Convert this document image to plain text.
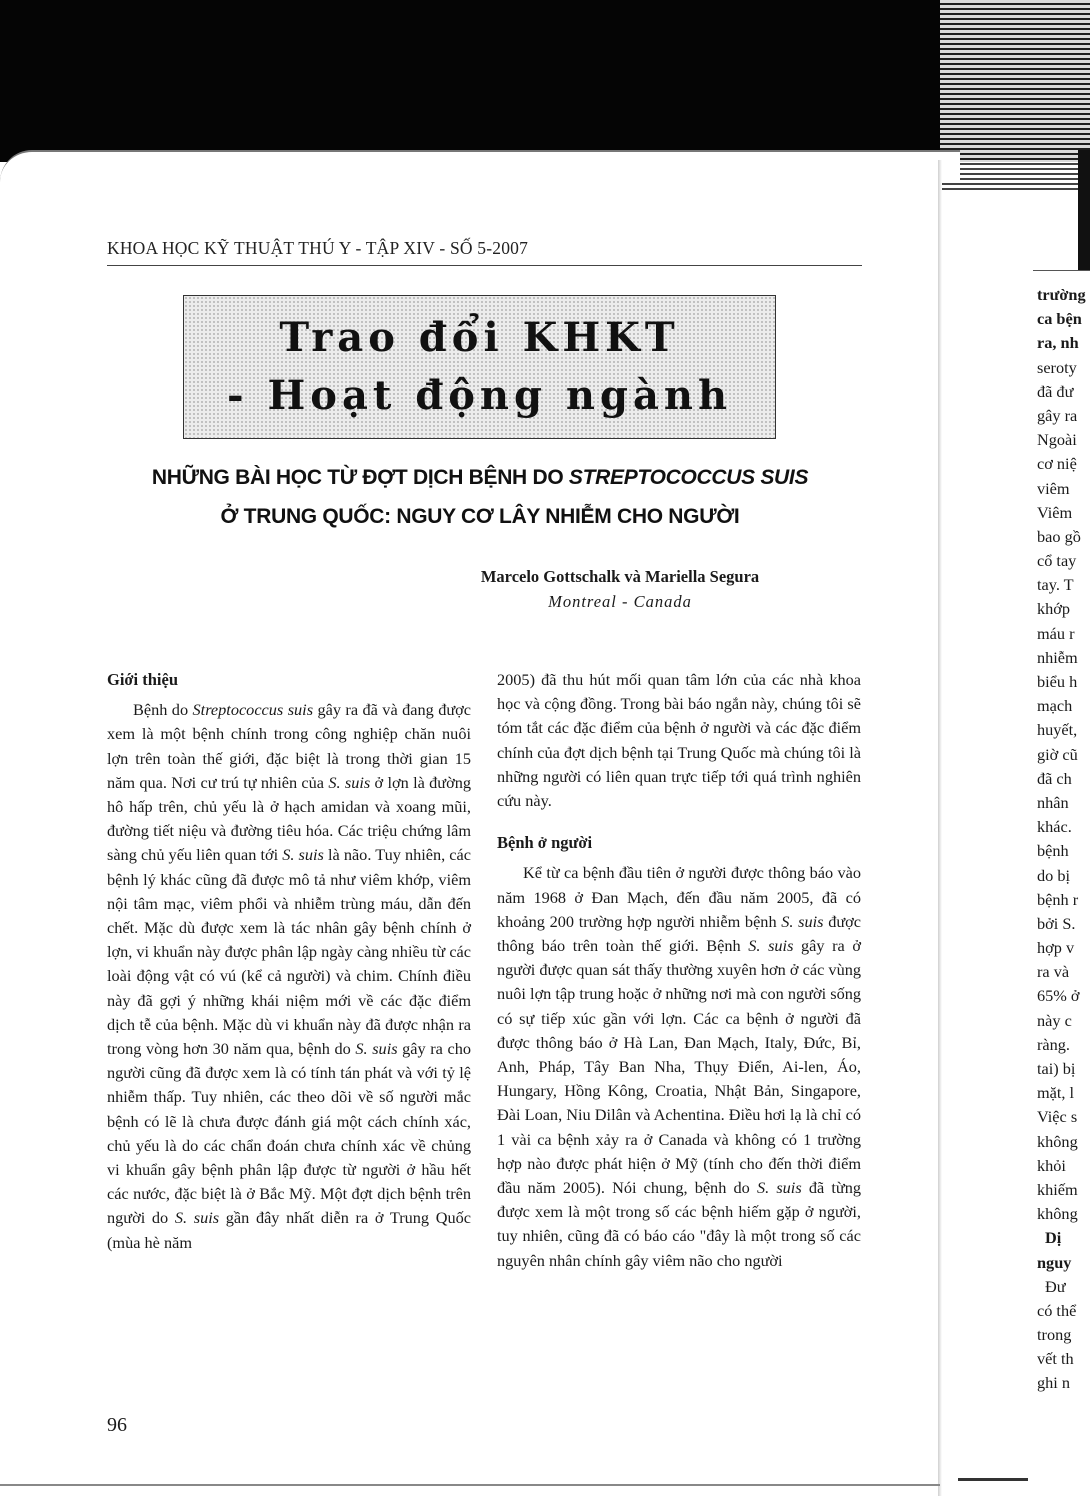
KHOA HỌC KỸ THUẬT THÚ Y - TẬP XIV - SỐ 5-2007
Trao đổi KHKT
- Hoạt động ngành
NHỮNG BÀI HỌC TỪ ĐỢT DỊCH BỆNH DO STREPTOCOCCUS SUIS
Ở TRUNG QUỐC: NGUY CƠ LÂY NHIỄM CHO NGƯỜI
Marcelo Gottschalk và Mariella Segura
Montreal - Canada

Giới thiệu

Bệnh do Streptococcus suis gây ra đã và đang được xem là một bệnh chính trong công nghiệp chăn nuôi lợn trên toàn thế giới, đặc biệt là trong thời gian 15 năm qua. Nơi cư trú tự nhiên của S. suis ở lợn là đường hô hấp trên, chủ yếu là ở hạch amidan và xoang mũi, đường tiết niệu và đường tiêu hóa. Các triệu chứng lâm sàng chủ yếu liên quan tới S. suis là não. Tuy nhiên, các bệnh lý khác cũng đã được mô tả như viêm khớp, viêm nội tâm mạc, viêm phổi và nhiễm trùng máu, dẫn đến chết. Mặc dù được xem là tác nhân gây bệnh chính ở lợn, vi khuẩn này được phân lập ngày càng nhiều từ các loài động vật có vú (kể cả người) và chim. Chính điều này đã gợi ý những khái niệm mới về các đặc điểm dịch tễ của bệnh. Mặc dù vi khuẩn này đã được nhận ra trong vòng hơn 30 năm qua, bệnh do S. suis gây ra cho người cũng đã được xem là có tính tán phát và với tỷ lệ nhiễm thấp. Tuy nhiên, các theo dõi về số người mắc bệnh có lẽ là chưa được đánh giá một cách chính xác, chủ yếu là do các chẩn đoán chưa chính xác về chủng vi khuẩn gây bệnh phân lập được từ người ở hầu hết các nước, đặc biệt là ở Bắc Mỹ. Một đợt dịch bệnh trên người do S. suis gần đây nhất diễn ra ở Trung Quốc (mùa hè năm

2005) đã thu hút mối quan tâm lớn của các nhà khoa học và cộng đồng. Trong bài báo ngắn này, chúng tôi sẽ tóm tắt các đặc điểm của bệnh ở người và các đặc điểm chính của đợt dịch bệnh tại Trung Quốc mà chúng tôi là những người có liên quan trực tiếp tới quá trình nghiên cứu này.

Bệnh ở người

Kể từ ca bệnh đầu tiên ở người được thông báo vào năm 1968 ở Đan Mạch, đến đầu năm 2005, đã có khoảng 200 trường hợp người nhiễm bệnh S. suis được thông báo trên toàn thế giới. Bệnh S. suis gây ra ở người được quan sát thấy thường xuyên hơn ở các vùng nuôi lợn tập trung hoặc ở những nơi mà con người sống có sự tiếp xúc gần với lợn. Các ca bệnh ở người đã được thông báo ở Hà Lan, Đan Mạch, Italy, Đức, Bỉ, Anh, Pháp, Tây Ban Nha, Thụy Điển, Ai-len, Áo, Hungary, Hồng Kông, Croatia, Nhật Bản, Singapore, Đài Loan, Niu Dilân và Achentina. Điều hơi lạ là chỉ có 1 vài ca bệnh xảy ra ở Canada và không có 1 trường hợp nào được phát hiện ở Mỹ (tính cho đến thời điểm đầu năm 2005). Nói chung, bệnh do S. suis đã từng được xem là một trong số các bệnh hiếm gặp ở người, tuy nhiên, cũng đã có báo cáo "đây là một trong số các nguyên nhân chính gây viêm não cho người

trường
ca bện
ra, nh
seroty
đã đư
gây ra
Ngoài
cơ niệ
viêm
Viêm
bao gồ
cổ tay
tay. T
khớp
máu r
nhiễm
biểu h
mạch
huyết,
giờ cũ
đã ch
nhân
khác.
bệnh
do bị
bệnh r
bởi S.
hợp v
ra và
65% ở
này c
ràng.
tai) bị
mặt, l
Việc s
không
khỏi
khiếm
không
Dị
nguy
Đư
có thể
trong
vết th
ghi n
96
